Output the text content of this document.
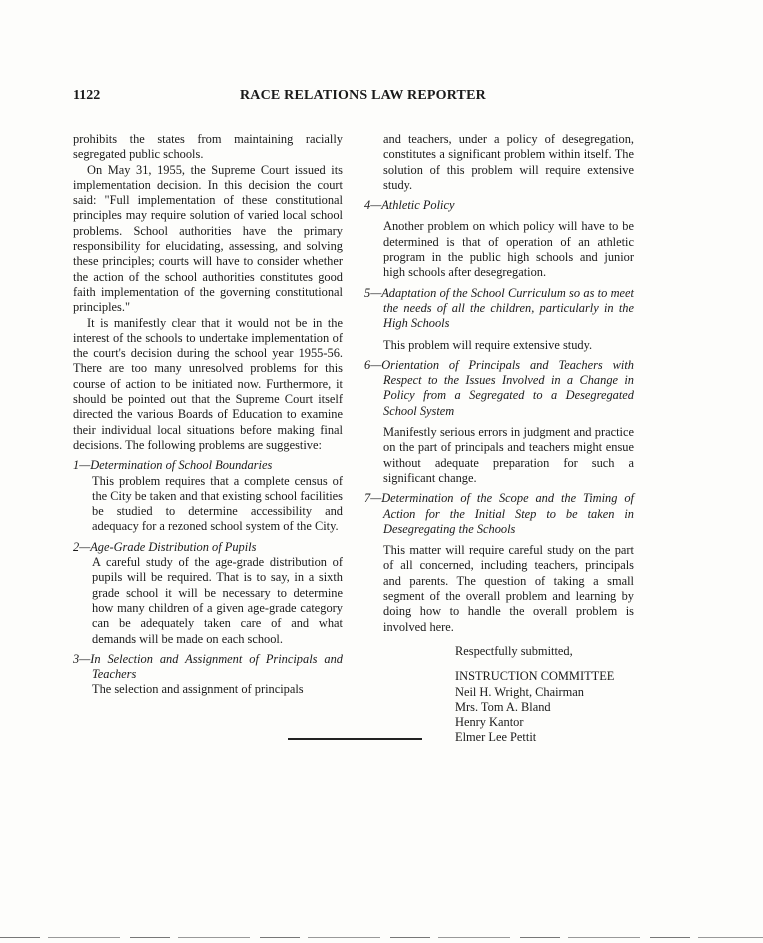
1122	RACE RELATIONS LAW REPORTER

prohibits the states from maintaining racially segregated public schools.

On May 31, 1955, the Supreme Court issued its implementation decision. In this decision the court said: "Full implementation of these constitutional principles may require solution of varied local school problems. School authorities have the primary responsibility for elucidating, assessing, and solving these principles; courts will have to consider whether the action of the school authorities constitutes good faith implementation of the governing constitutional principles."

It is manifestly clear that it would not be in the interest of the schools to undertake implementation of the court's decision during the school year 1955-56. There are too many unresolved problems for this course of action to be initiated now. Furthermore, it should be pointed out that the Supreme Court itself directed the various Boards of Education to examine their individual local situations before making final decisions. The following problems are suggestive:

1—Determination of School Boundaries

This problem requires that a complete census of the City be taken and that existing school facilities be studied to determine accessibility and adequacy for a rezoned school system of the City.

2—Age-Grade Distribution of Pupils

A careful study of the age-grade distribution of pupils will be required. That is to say, in a sixth grade school it will be necessary to determine how many children of a given age-grade category can be adequately taken care of and what demands will be made on each school.

3—In Selection and Assignment of Principals and Teachers

The selection and assignment of principals

and teachers, under a policy of desegregation, constitutes a significant problem within itself. The solution of this problem will require extensive study.

4—Athletic Policy

Another problem on which policy will have to be determined is that of operation of an athletic program in the public high schools and junior high schools after desegregation.

5—Adaptation of the School Curriculum so as to meet the needs of all the children, particularly in the High Schools

This problem will require extensive study.

6—Orientation of Principals and Teachers with Respect to the Issues Involved in a Change in Policy from a Segregated to a Desegregated School System

Manifestly serious errors in judgment and practice on the part of principals and teachers might ensue without adequate preparation for such a significant change.

7—Determination of the Scope and the Timing of Action for the Initial Step to be taken in Desegregating the Schools

This matter will require careful study on the part of all concerned, including teachers, principals and parents. The question of taking a small segment of the overall problem and learning by doing how to handle the overall problem is involved here.

Respectfully submitted,

INSTRUCTION COMMITTEE

Neil H. Wright, Chairman

Mrs. Tom A. Bland

Henry Kantor

Elmer Lee Pettit
